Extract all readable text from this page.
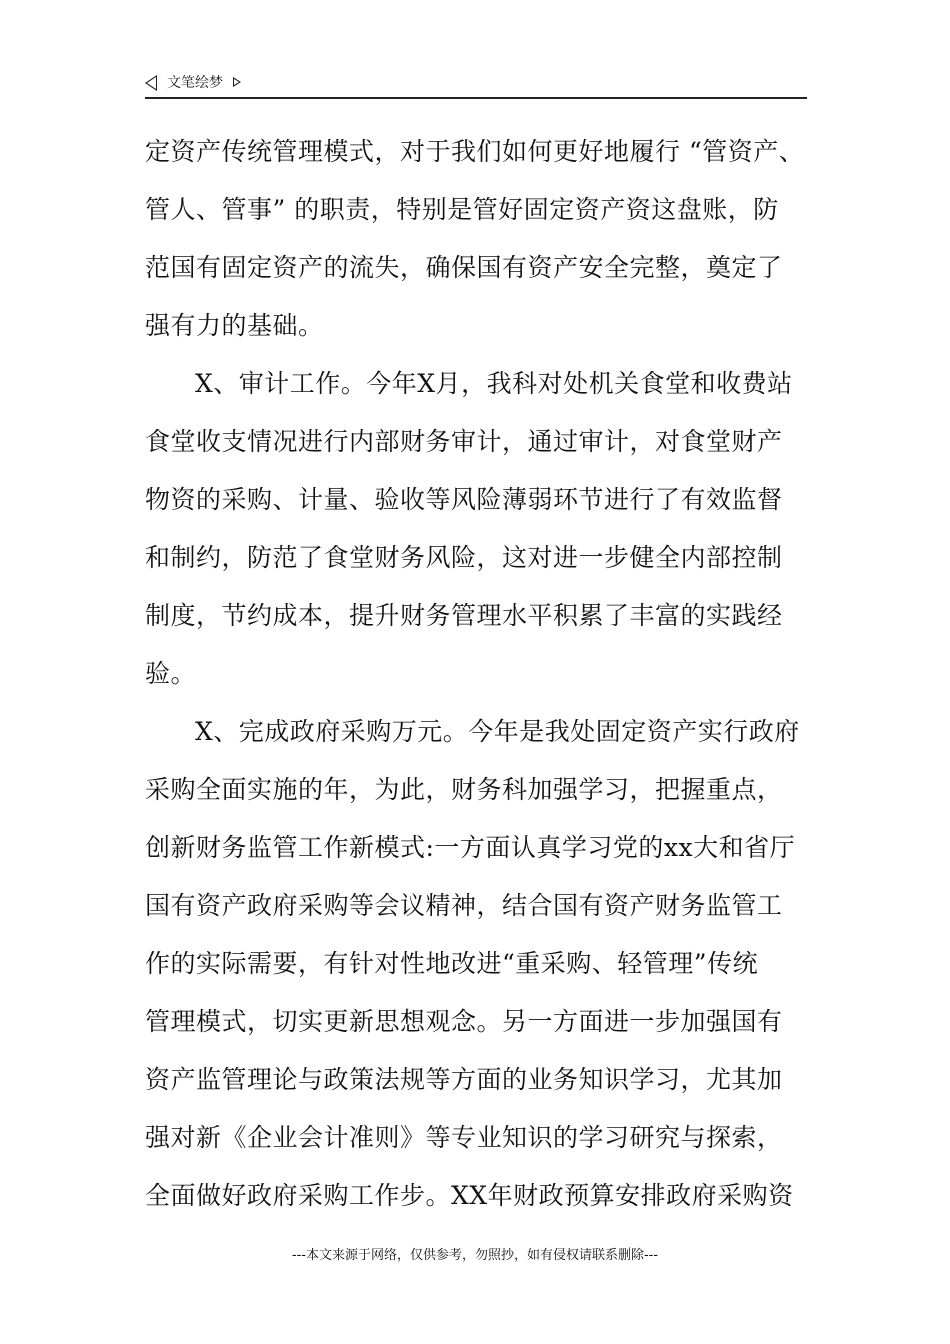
文笔绘梦
定资产传统管理模式，对于我们如何更好地履行 “管资产、
管人、管事” 的职责，特别是管好固定资产资这盘账，防
范国有固定资产的流失，确保国有资产安全完整，奠定了
强有力的基础。
X、审计工作。今年X月，我科对处机关食堂和收费站
食堂收支情况进行内部财务审计，通过审计，对食堂财产
物资的采购、计量、验收等风险薄弱环节进行了有效监督
和制约，防范了食堂财务风险，这对进一步健全内部控制
制度，节约成本，提升财务管理水平积累了丰富的实践经
验。
X、完成政府采购万元。今年是我处固定资产实行政府
采购全面实施的年，为此，财务科加强学习，把握重点，
创新财务监管工作新模式:一方面认真学习党的xx大和省厅
国有资产政府采购等会议精神，结合国有资产财务监管工
作的实际需要，有针对性地改进“重采购、轻管理”传统
管理模式，切实更新思想观念。另一方面进一步加强国有
资产监管理论与政策法规等方面的业务知识学习，尤其加
强对新《企业会计准则》等专业知识的学习研究与探索，
全面做好政府采购工作步。XX年财政预算安排政府采购资
---本文来源于网络，仅供参考，勿照抄，如有侵权请联系删除---
